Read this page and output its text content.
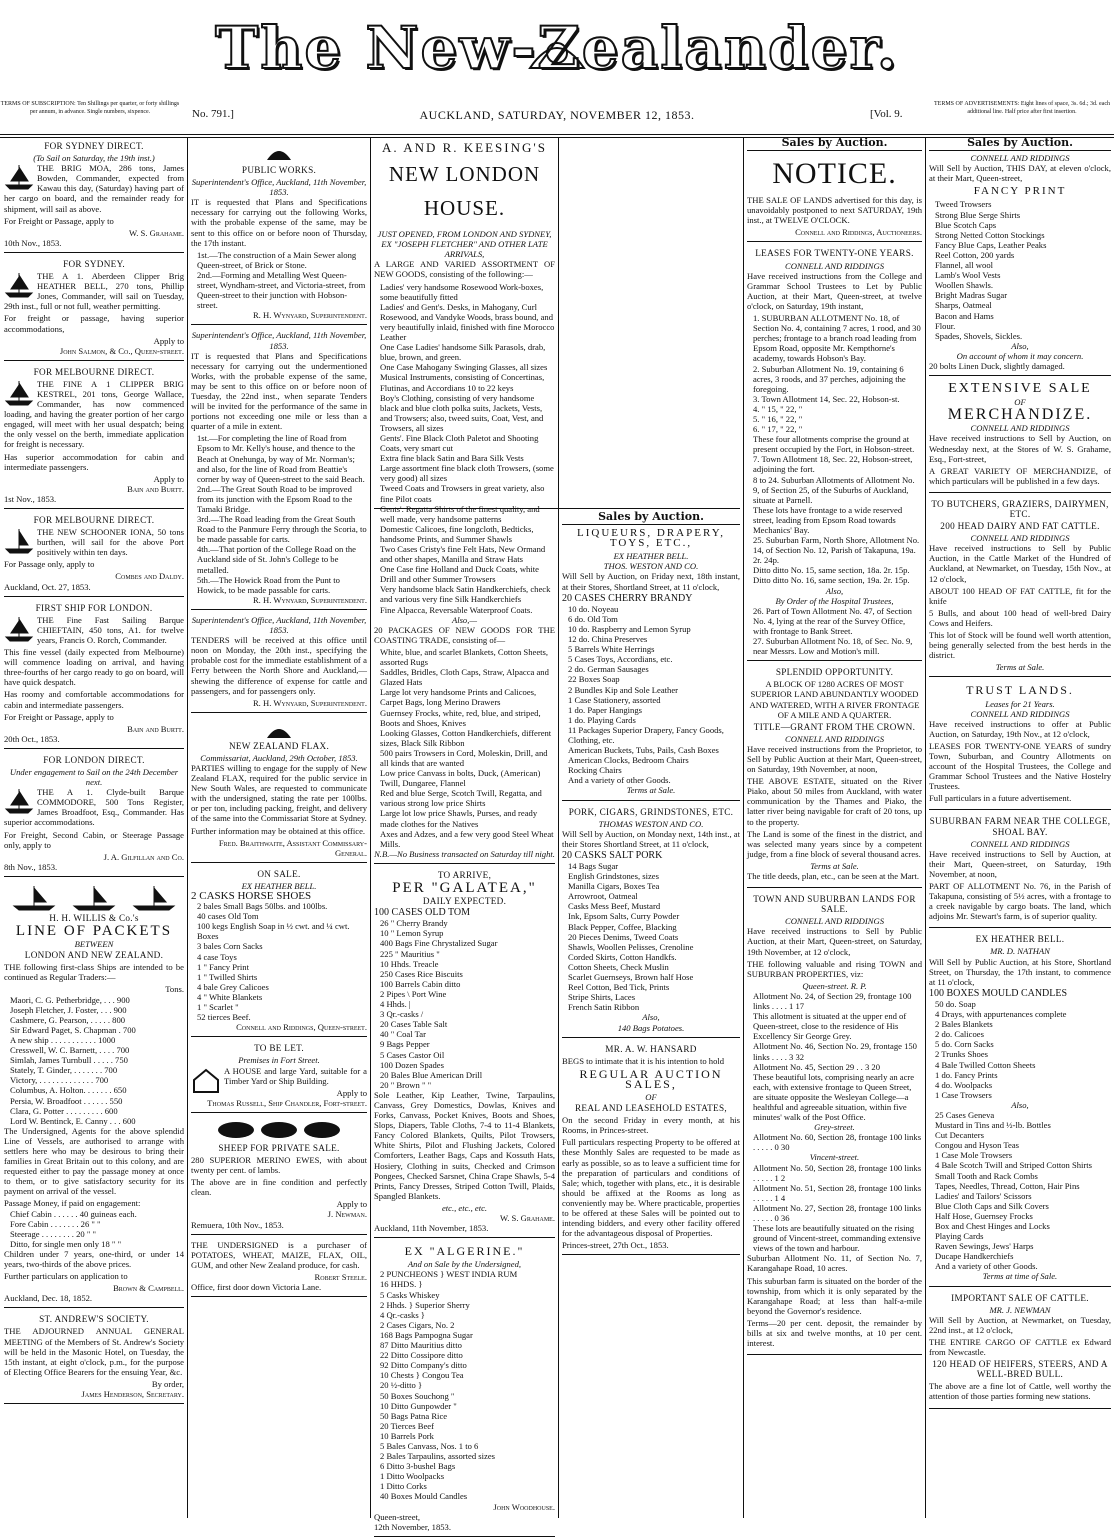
The New-Zealander.
TERMS OF SUBSCRIPTION: Ten Shillings per quarter, or forty shillings per annum, in advance. Single numbers, sixpence.	No. 791.]	AUCKLAND, SATURDAY, NOVEMBER 12, 1853.	[Vol. 9.
TERMS OF ADVERTISEMENTS: Eight lines of space, 3s. 6d.; 3d. each additional line. Half price after first insertion.
FOR SYDNEY DIRECT.
(To Sail on Saturday, the 19th inst.)

THE BRIG MOA, 286 tons, James Bowden, Commander, expected from Kawau this day, (Saturday) having part of her cargo on board, and the remainder ready for shipment, will sail as above.

For Freight or Passage, apply to

W. S. Grahame.
10th Nov., 1853.
FOR SYDNEY.

THE A 1. Aberdeen Clipper Brig HEATHER BELL, 270 tons, Phillip Jones, Commander, will sail on Tuesday, 29th inst., full or not full, weather permitting.

For freight or passage, having superior accommodations,

Apply to
John Salmon, & Co., Queen-street.
FOR MELBOURNE DIRECT.

THE FINE A 1 CLIPPER BRIG KESTREL, 201 tons, George Wallace, Commander, has now commenced loading, and having the greater portion of her cargo engaged, will meet with her usual despatch; being the only vessel on the berth, immediate application for freight is necessary.

Has superior accommodation for cabin and intermediate passengers.

Apply to
Bain and Burtt.
1st Nov., 1853.
FOR MELBOURNE DIRECT.

THE NEW SCHOONER IONA, 50 tons burthen, will sail for the above Port positively within ten days.

For Passage only, apply to

Combes and Daldy.
Auckland, Oct. 27, 1853.
FIRST SHIP FOR LONDON.

THE Fine Fast Sailing Barque CHIEFTAIN, 450 tons, A1. for twelve years, Francis O. Rorch, Commander.

This fine vessel (daily expected from Melbourne) will commence loading on arrival, and having three-fourths of her cargo ready to go on board, will have quick despatch.

Has roomy and comfortable accommodations for cabin and intermediate passengers.

For Freight or Passage, apply to

Bain and Burtt.
20th Oct., 1853.
FOR LONDON DIRECT.
Under engagement to Sail on the 24th December next.

THE A 1. Clyde-built Barque COMMODORE, 500 Tons Register, James Broadfoot, Esq., Commander. Has superior accommodations.

For Freight, Second Cabin, or Steerage Passage only, apply to

J. A. Gilfillan and Co.
8th Nov., 1853.
H. H. WILLIS & Co.'s
LINE OF PACKETS
BETWEEN
LONDON AND NEW ZEALAND.

THE following first-class Ships are intended to be continued as Regular Traders:—

Tons.
Maori, C. G. Petherbridge, . . . 900
Joseph Fletcher, J. Foster, . . . 900
Cashmere, G. Pearson, . . . . . 800
Sir Edward Paget, S. Chapman . 700
A new ship . . . . . . . . . . . 1000
Cresswell, W. C. Barnett, . . . . 700
Simlah, James Turnbull . . . . . 750
Stately, T. Ginder, . . . . . . . 700
Victory, . . . . . . . . . . . . . 700
Columbus, A. Holton. . . . . . . 650
Persia, W. Broadfoot . . . . . . 550
Clara, G. Potter . . . . . . . . . 600
Lord W. Bentinck, E. Canny . . . 600

The Undersigned, Agents for the above splendid Line of Vessels, are authorised to arrange with settlers here who may be desirous to bring their families in Great Britain out to this colony, and are requested either to pay the passage money at once to them, or to give satisfactory security for its payment on arrival of the vessel.

Passage Money, if paid on engagement:
Chief Cabin . . . . . . 40 guineas each.
Fore Cabin . . . . . . . 26 " "
Steerage . . . . . . . . 20 " "
Ditto, for single men only 18 " "

Children under 7 years, one-third, or under 14 years, two-thirds of the above prices.

Further particulars on application to

Brown & Campbell.
Auckland, Dec. 18, 1852.
ST. ANDREW'S SOCIETY.

THE ADJOURNED ANNUAL GENERAL MEETING of the Members of St. Andrew's Society will be held in the Masonic Hotel, on Tuesday, the 15th instant, at eight o'clock, p.m., for the purpose of Electing Office Bearers for the ensuing Year, &c.

By order,
James Henderson, Secretary.
PUBLIC WORKS.
Superintendent's Office, Auckland, 11th November, 1853.

IT is requested that Plans and Specifications necessary for carrying out the following Works, with the probable expense of the same, may be sent to this office on or before noon of Thursday, the 17th instant.

1st.—The construction of a Main Sewer along Queen-street, of Brick or Stone.
2nd.—Forming and Metalling West Queen-street, Wyndham-street, and Victoria-street, from Queen-street to their junction with Hobson-street.
R. H. Wynyard, Superintendent.
Superintendent's Office, Auckland, 11th November, 1853.

IT is requested that Plans and Specifications necessary for carrying out the undermentioned Works, with the probable expense of the same, may be sent to this office on or before noon of Tuesday, the 22nd inst., when separate Tenders will be invited for the performance of the same in portions not exceeding one mile or less than a quarter of a mile in extent.

1st.—For completing the line of Road from Epsom to Mr. Kelly's house, and thence to the Beach at Onehunga, by way of Mr. Norman's; and also, for the line of Road from Beattie's corner by way of Queen-street to the said Beach.
2nd.—The Great South Road to be improved from its junction with the Epsom Road to the Tamaki Bridge.
3rd.—The Road leading from the Great South Road to the Panmure Ferry through the Scoria, to be made passable for carts.
4th.—That portion of the College Road on the Auckland side of St. John's College to be metalled.
5th.—The Howick Road from the Punt to Howick, to be made passable for carts.
R. H. Wynyard, Superintendent.
Superintendent's Office, Auckland, 11th November, 1853.

TENDERS will be received at this office until noon on Monday, the 20th inst., specifying the probable cost for the immediate establishment of a Ferry between the North Shore and Auckland,—shewing the difference of expense for cattle and passengers, and for passengers only.

R. H. Wynyard, Superintendent.
NEW ZEALAND FLAX.
Commissariat, Auckland, 29th October, 1853.

PARTIES willing to engage for the supply of New Zealand FLAX, required for the public service in New South Wales, are requested to communicate with the undersigned, stating the rate per 100lbs. or per ton, including packing, freight, and delivery of the same into the Commissariat Store at Sydney.

Further information may be obtained at this office.

Fred. Braithwaite, Assistant Commissary-General.
ON SALE.
EX HEATHER BELL.
2 CASKS HORSE SHOES
2 bales Small Bags 50lbs. and 100lbs.
40 cases Old Tom
100 kegs English Soap in ½ cwt. and ¼ cwt. Boxes
3 bales Corn Sacks
4 case Toys
1 " Fancy Print
1 " Twilled Shirts
4 bale Grey Calicoes
4 " White Blankets
1 " Scarlet "
52 tierces Beef.
Connell and Riddings, Queen-street.
TO BE LET.
Premises in Fort Street.

A HOUSE and large Yard, suitable for a Timber Yard or Ship Building.

Apply to
Thomas Russell, Ship Chandler, Fort-street.
SHEEP FOR PRIVATE SALE.

280 SUPERIOR MERINO EWES, with about twenty per cent. of lambs.

The above are in fine condition and perfectly clean.

Apply to
J. Newman.
Remuera, 10th Nov., 1853.

THE UNDERSIGNED is a purchaser of POTATOES, WHEAT, MAIZE, FLAX, OIL, GUM, and other New Zealand produce, for cash.

Robert Steele.
Office, first door down Victoria Lane.
A. AND R. KEESING'S
NEW LONDON HOUSE.
JUST OPENED, FROM LONDON AND SYDNEY, EX "JOSEPH FLETCHER" AND OTHER LATE ARRIVALS,

A LARGE AND VARIED ASSORTMENT OF NEW GOODS, consisting of the following:—

Ladies' very handsome Rosewood Work-boxes, some beautifully fitted
Ladies' and Gent's. Desks, in Mahogany, Curl Rosewood, and Vandyke Woods, brass bound, and very beautifully inlaid, finished with fine Morocco Leather
One Case Ladies' handsome Silk Parasols, drab, blue, brown, and green.
One Case Mahogany Swinging Glasses, all sizes
Musical Instruments, consisting of Concertinas, Flutinas, and Accordians 10 to 22 keys
Boy's Clothing, consisting of very handsome black and blue cloth polka suits, Jackets, Vests, and Trowsers; also, tweed suits, Coat, Vest, and Trowsers, all sizes
Gents'. Fine Black Cloth Paletot and Shooting Coats, very smart cut
Extra fine black Satin and Bara Silk Vests
Large assortment fine black cloth Trowsers, (some very good) all sizes
Tweed Coats and Trowsers in great variety, also fine Pilot coats
Gents'. Regatta Shirts of the finest quality, and well made, very handsome patterns
Domestic Calicoes, fine longcloth, Bedticks, handsome Prints, and Summer Shawls
Two Cases Cristy's fine Felt Hats, New Ormand and other shapes, Manilla and Straw Hats
One Case fine Holland and Duck Coats, white Drill and other Summer Trowsers
Very handsome black Satin Handkerchiefs, check and various very fine Silk Handkerchiefs
Fine Alpacca, Reversable Waterproof Coats.
Also,—

20 PACKAGES OF NEW GOODS FOR THE COASTING TRADE, consisting of—

White, blue, and scarlet Blankets, Cotton Sheets, assorted Rugs
Saddles, Bridles, Cloth Caps, Straw, Alpacca and Glazed Hats
Large lot very handsome Prints and Calicoes, Carpet Bags, long Merino Drawers
Guernsey Frocks, white, red, blue, and striped, Boots and Shoes, Knives
Looking Glasses, Cotton Handkerchiefs, different sizes, Black Silk Ribbon
500 pairs Trowsers in Cord, Moleskin, Drill, and all kinds that are wanted
Low price Canvass in bolts, Duck, (American) Twill, Dungaree, Flannel
Red and blue Serge, Scotch Twill, Regatta, and various strong low price Shirts
Large lot low price Shawls, Purses, and ready made clothes for the Natives
Axes and Adzes, and a few very good Steel Wheat Mills.
N.B.—No Business transacted on Saturday till night.
TO ARRIVE,
PER "GALATEA,"
DAILY EXPECTED.
100 CASES OLD TOM
26 " Cherry Brandy
10 " Lemon Syrup
400 Bags Fine Chrystalized Sugar
225 " Mauritius "
10 Hhds. Treacle
250 Cases Rice Biscuits
100 Barrels Cabin ditto
2 Pipes \ Port Wine
4 Hhds. |
3 Qr.-casks /
20 Cases Table Salt
40 " Coal Tar
9 Bags Pepper
5 Cases Castor Oil
100 Dozen Spades
20 Bales Blue American Drill
20 " Brown " "

Sole Leather, Kip Leather, Twine, Tarpaulins, Canvass, Grey Domestics, Dowlas, Knives and Forks, Canvass, Pocket Knives, Boots and Shoes, Slops, Diapers, Table Cloths, 7-4 to 11-4 Blankets, Fancy Colored Blankets, Quilts, Pilot Trowsers, White Shirts, Pilot and Flushing Jackets, Colored Comforters, Leather Bags, Caps and Kossuth Hats, Hosiery, Clothing in suits, Checked and Crimson Pongees, Checked Sarsnet, China Crape Shawls, 5-4 Prints, Fancy Dresses, Striped Cotton Twill, Plaids, Spangled Blankets.

etc., etc., etc.
W. S. Grahame.
Auckland, 11th November, 1853.
EX "ALGERINE."
And on Sale by the Undersigned,
2 PUNCHEONS } WEST INDIA RUM
16 HHDS. }
5 Casks Whiskey
2 Hhds. } Superior Sherry
4 Qr.-casks }
2 Cases Cigars, No. 2
168 Bags Pampogna Sugar
87 Ditto Mauritius ditto
22 Ditto Cossipore ditto
92 Ditto Company's ditto
10 Chests } Congou Tea
20 ½-ditto }
50 Boxes Souchong "
10 Ditto Gunpowder "
50 Bags Patna Rice
20 Tierces Beef
10 Barrels Pork
5 Bales Canvass, Nos. 1 to 6
2 Bales Tarpaulins, assorted sizes
6 Ditto 3-bushel Bags
1 Ditto Woolpacks
1 Ditto Corks
40 Boxes Mould Candles
John Woodhouse.
Queen-street,
12th November, 1853.
Sales by Auction.
LIQUEURS, DRAPERY, TOYS, ETC.,
EX HEATHER BELL.
THOS. WESTON AND CO.

Will Sell by Auction, on Friday next, 18th instant, at their Stores, Shortland Street, at 11 o'clock,

20 CASES CHERRY BRANDY
10 do. Noyeau
6 do. Old Tom
10 do. Raspberry and Lemon Syrup
12 do. China Preserves
5 Barrels White Herrings
5 Cases Toys, Accordians, etc.
2 do. German Sausages
22 Boxes Soap
2 Bundles Kip and Sole Leather
1 Case Stationery, assorted
1 do. Paper Hangings
1 do. Playing Cards
11 Packages Superior Drapery, Fancy Goods, Clothing, etc.
American Buckets, Tubs, Pails, Cash Boxes
American Clocks, Bedroom Chairs
Rocking Chairs
And a variety of other Goods.
Terms at Sale.
PORK, CIGARS, GRINDSTONES, ETC.
THOMAS WESTON AND CO.

Will Sell by Auction, on Monday next, 14th inst., at their Stores Shortland Street, at 11 o'clock,

20 CASKS SALT PORK
14 Bags Sugar
English Grindstones, sizes
Manilla Cigars, Boxes Tea
Arrowroot, Oatmeal
Casks Mess Beef, Mustard
Ink, Epsom Salts, Curry Powder
Black Pepper, Coffee, Blacking
20 Pieces Denims, Tweed Coats
Shawls, Woollen Pelisses, Crenoline
Corded Skirts, Cotton Handkfs.
Cotton Sheets, Check Muslin
Scarlet Guernseys, Brown half Hose
Reel Cotton, Bed Tick, Prints
Stripe Shirts, Laces
French Satin Ribbon
Also,
140 Bags Potatoes.
MR. A. W. HANSARD

BEGS to intimate that it is his intention to hold

REGULAR AUCTION SALES,
OF
REAL AND LEASEHOLD ESTATES,

On the second Friday in every month, at his Rooms, in Princes-street.

Full particulars respecting Property to be offered at these Monthly Sales are requested to be made as early as possible, so as to leave a sufficient time for the preparation of particulars and conditions of Sale; which, together with plans, etc., it is desirable should be affixed at the Rooms as long as conveniently may be. Where practicable, properties to be offered at these Sales will be pointed out to intending bidders, and every other facility offered for the advantageous disposal of Properties.

Princes-street, 27th Oct., 1853.
Sales by Auction.
NOTICE.

THE SALE OF LANDS advertised for this day, is unavoidably postponed to next SATURDAY, 19th inst., at TWELVE O'CLOCK.

Connell and Riddings, Auctioneers.
LEASES FOR TWENTY-ONE YEARS.
CONNELL AND RIDDINGS

Have received instructions from the College and Grammar School Trustees to Let by Public Auction, at their Mart, Queen-street, at twelve o'clock, on Saturday, 19th instant,

1. SUBURBAN ALLOTMENT No. 18, of Section No. 4, containing 7 acres, 1 rood, and 30 perches; frontage to a branch road leading from Epsom Road, opposite Mr. Kempthorne's academy, towards Hobson's Bay.
2. Suburban Allotment No. 19, containing 6 acres, 3 roods, and 37 perches, adjoining the foregoing.
3. Town Allotment 14, Sec. 22, Hobson-st.
4. " 15, " 22, "
5. " 16, " 22, "
6. " 17, " 22, "
These four allotments comprise the ground at present occupied by the Fort, in Hobson-street.
7. Town Allotment 18, Sec. 22, Hobson-street, adjoining the fort.
8 to 24. Suburban Allotments of Allotment No. 9, of Section 25, of the Suburbs of Auckland, situate at Parnell.
These lots have frontage to a wide reserved street, leading from Epsom Road towards Mechanics' Bay.
25. Suburban Farm, North Shore, Allotment No. 14, of Section No. 12, Parish of Takapuna, 19a. 2r. 24p.
Ditto ditto No. 15, same section, 18a. 2r. 15p.
Ditto ditto No. 16, same section, 19a. 2r. 15p.
Also,
By Order of the Hospital Trustees,
26. Part of Town Allotment No. 47, of Section No. 4, lying at the rear of the Survey Office, with frontage to Bank Street.
27. Suburban Allotment No. 18, of Sec. No. 9, near Messrs. Low and Motion's mill.
SPLENDID OPPORTUNITY.

A BLOCK OF 1280 ACRES OF MOST SUPERIOR LAND ABUNDANTLY WOODED AND WATERED, WITH A RIVER FRONTAGE OF A MILE AND A QUARTER.

TITLE—GRANT FROM THE CROWN.
CONNELL AND RIDDINGS

Have received instructions from the Proprietor, to Sell by Public Auction at their Mart, Queen-street, on Saturday, 19th November, at noon,

THE ABOVE ESTATE, situated on the River Piako, about 50 miles from Auckland, with water communication by the Thames and Piako, the latter river being navigable for craft of 20 tons, up to the property.

The Land is some of the finest in the district, and was selected many years since by a competent judge, from a fine block of several thousand acres.

Terms at Sale.

The title deeds, plan, etc., can be seen at the Mart.

TOWN AND SUBURBAN LANDS FOR SALE.
CONNELL AND RIDDINGS

Have received instructions to Sell by Public Auction, at their Mart, Queen-street, on Saturday, 19th November, at 12 o'clock,

THE following valuable and rising TOWN and SUBURBAN PROPERTIES, viz:

Queen-street. R. P.
Allotment No. 24, of Section 29, frontage 100 links . . . . 1 17
This allotment is situated at the upper end of Queen-street, close to the residence of His Excellency Sir George Grey.
Allotment No. 46, Section No. 29, frontage 150 links . . . . 3 32
Allotment No. 45, Section 29 . . 3 20
These beautiful lots, comprising nearly an acre each, with extensive frontage to Queen Street, are situate opposite the Wesleyan College—a healthful and agreeable situation, within five minutes' walk of the Post Office.
Grey-street.
Allotment No. 60, Section 28, frontage 100 links . . . . . 0 30
Vincent-street.
Allotment No. 50, Section 28, frontage 100 links . . . . . 1 2
Allotment No. 51, Section 28, frontage 100 links . . . . . 1 4
Allotment No. 27, Section 28, frontage 100 links . . . . . 0 36
These lots are beautifully situated on the rising ground of Vincent-street, commanding extensive views of the town and harbour.

Suburban Allotment No. 11, of Section No. 7, Karangahape Road, 10 acres.

This suburban farm is situated on the border of the township, from which it is only separated by the Karangahape Road; at less than half-a-mile beyond the Governor's residence.

Terms—20 per cent. deposit, the remainder by bills at six and twelve months, at 10 per cent. interest.

Sales by Auction.
CONNELL AND RIDDINGS

Will Sell by Auction, THIS DAY, at eleven o'clock, at their Mart, Queen-street,

FANCY PRINT
Tweed Trowsers
Strong Blue Serge Shirts
Blue Scotch Caps
Strong Netted Cotton Stockings
Fancy Blue Caps, Leather Peaks
Reel Cotton, 200 yards
Flannel, all wool
Lamb's Wool Vests
Woollen Shawls.
Bright Madras Sugar
Sharps, Oatmeal
Bacon and Hams
Flour.
Spades, Shovels, Sickles.
Also,
On account of whom it may concern.
20 bolts Linen Duck, slightly damaged.
EXTENSIVE SALE
OF
MERCHANDIZE.
CONNELL AND RIDDINGS

Have received instructions to Sell by Auction, on Wednesday next, at the Stores of W. S. Grahame, Esq., Fort-street,

A GREAT VARIETY OF MERCHANDIZE, of which particulars will be published in a few days.

TO BUTCHERS, GRAZIERS, DAIRYMEN, ETC.
200 HEAD DAIRY AND FAT CATTLE.
CONNELL AND RIDDINGS

Have received instructions to Sell by Public Auction, in the Cattle Market of the Hundred of Auckland, at Newmarket, on Tuesday, 15th Nov., at 12 o'clock,

ABOUT 100 HEAD OF FAT CATTLE, fit for the knife

5 Bulls, and about 100 head of well-bred Dairy Cows and Heifers.

This lot of Stock will be found well worth attention, being generally selected from the best herds in the district.

Terms at Sale.
TRUST LANDS.
Leases for 21 Years.
CONNELL AND RIDDINGS

Have received instructions to offer at Public Auction, on Saturday, 19th Nov., at 12 o'clock,

LEASES FOR TWENTY-ONE YEARS of sundry Town, Suburban, and Country Allotments on account of the Hospital Trustees, the College and Grammar School Trustees and the Native Hostelry Trustees.

Full particulars in a future advertisement.

SUBURBAN FARM NEAR THE COLLEGE, SHOAL BAY.
CONNELL AND RIDDINGS

Have received instructions to Sell by Auction, at their Mart, Queen-street, on Saturday, 19th November, at noon,

PART OF ALLOTMENT No. 76, in the Parish of Takapuna, consisting of 5½ acres, with a frontage to a creek navigable by cargo boats. The land, which adjoins Mr. Stewart's farm, is of superior quality.

EX HEATHER BELL.
MR. D. NATHAN

Will Sell by Public Auction, at his Store, Shortland Street, on Thursday, the 17th instant, to commence at 11 o'clock,

100 BOXES MOULD CANDLES
50 do. Soap
4 Drays, with appurtenances complete
2 Bales Blankets
2 do. Calicoes
5 do. Corn Sacks
2 Trunks Shoes
4 Bale Twilled Cotton Sheets
1 do. Fancy Prints
4 do. Woolpacks
1 Case Trowsers
Also,
25 Cases Geneva
Mustard in Tins and ½-lb. Bottles
Cut Decanters
Congou and Hyson Teas
1 Case Mole Trowsers
4 Bale Scotch Twill and Striped Cotton Shirts
Small Tooth and Rack Combs
Tapes, Needles, Thread, Cotton, Hair Pins
Ladies' and Tailors' Scissors
Blue Cloth Caps and Silk Covers
Half Hose, Guernsey Frocks
Box and Chest Hinges and Locks
Playing Cards
Raven Sewings, Jews' Harps
Ducape Handkerchiefs
And a variety of other Goods.
Terms at time of Sale.
IMPORTANT SALE OF CATTLE.
MR. J. NEWMAN

Will Sell by Auction, at Newmarket, on Tuesday, 22nd inst., at 12 o'clock,

THE ENTIRE CARGO OF CATTLE ex Edward from Newcastle.

120 HEAD OF HEIFERS, STEERS, AND A WELL-BRED BULL.

The above are a fine lot of Cattle, well worthy the attention of those parties forming new stations.
